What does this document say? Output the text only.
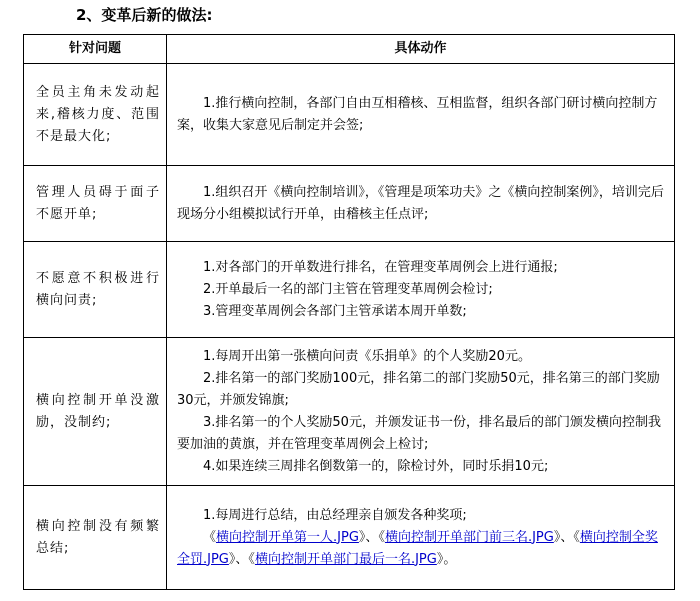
2、变革后新的做法:
针对问题	具体动作
全员主角未发动起来,稽核力度、范围不是最大化;	1.推行横向控制，各部门自由互相稽核、互相监督，组织各部门研讨横向控制方案，收集大家意见后制定并会签;

管理人员碍于面子不愿开单;	1.组织召开《横向控制培训》，《管理是项笨功夫》之《横向控制案例》，培训完后现场分小组模拟试行开单，由稽核主任点评;

不愿意不积极进行横向问责;	1.对各部门的开单数进行排名，在管理变革周例会上进行通报;
2.开单最后一名的部门主管在管理变革周例会检讨;
3.管理变革周例会各部门主管承诺本周开单数;

横向控制开单没激励，没制约;	1.每周开出第一张横向问责《乐捐单》的个人奖励20元。
2.排名第一的部门奖励100元，排名第二的部门奖励50元，排名第三的部门奖励30元，并颁发锦旗;
3.排名第一的个人奖励50元，并颁发证书一份，排名最后的部门颁发横向控制我要加油的黄旗，并在管理变革周例会上检讨;
4.如果连续三周排名倒数第一的，除检讨外，同时乐捐10元;

横向控制没有频繁总结;	1.每周进行总结，由总经理亲自颁发各种奖项;
《横向控制开单第一人.JPG》、《横向控制开单部门前三名.JPG》、《横向控制全奖全罚.JPG》、《横向控制开单部门最后一名.JPG》。
